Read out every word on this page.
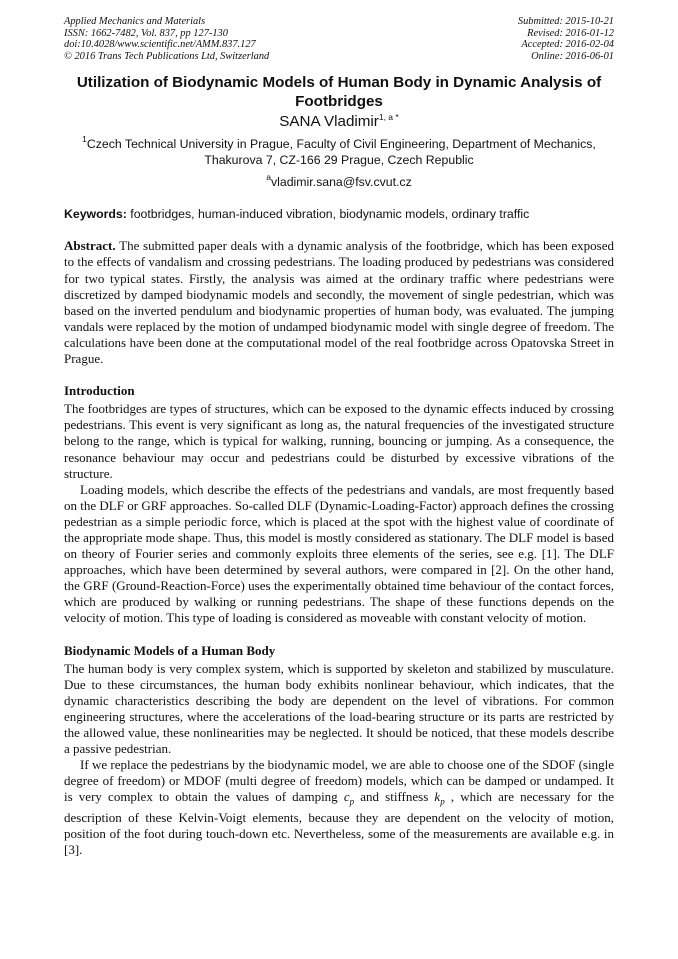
Applied Mechanics and Materials
ISSN: 1662-7482, Vol. 837, pp 127-130
doi:10.4028/www.scientific.net/AMM.837.127
© 2016 Trans Tech Publications Ltd, Switzerland
Submitted: 2015-10-21
Revised: 2016-01-12
Accepted: 2016-02-04
Online: 2016-06-01
Utilization of Biodynamic Models of Human Body in Dynamic Analysis of Footbridges
SANA Vladimir$^{1, a *}$
$^1$Czech Technical University in Prague, Faculty of Civil Engineering, Department of Mechanics, Thakurova 7, CZ-166 29 Prague, Czech Republic
$^a$vladimir.sana@fsv.cvut.cz
Keywords: footbridges, human-induced vibration, biodynamic models, ordinary traffic

Abstract. The submitted paper deals with a dynamic analysis of the footbridge, which has been exposed to the effects of vandalism and crossing pedestrians. The loading produced by pedestrians was considered for two typical states. Firstly, the analysis was aimed at the ordinary traffic where pedestrians were discretized by damped biodynamic models and secondly, the movement of single pedestrian, which was based on the inverted pendulum and biodynamic properties of human body, was evaluated. The jumping vandals were replaced by the motion of undamped biodynamic model with single degree of freedom. The calculations have been done at the computational model of the real footbridge across Opatovska Street in Prague.

Introduction

The footbridges are types of structures, which can be exposed to the dynamic effects induced by crossing pedestrians. This event is very significant as long as, the natural frequencies of the investigated structure belong to the range, which is typical for walking, running, bouncing or jumping. As a consequence, the resonance behaviour may occur and pedestrians could be disturbed by excessive vibrations of the structure.

Loading models, which describe the effects of the pedestrians and vandals, are most frequently based on the DLF or GRF approaches. So-called DLF (Dynamic-Loading-Factor) approach defines the crossing pedestrian as a simple periodic force, which is placed at the spot with the highest value of coordinate of the appropriate mode shape. Thus, this model is mostly considered as stationary. The DLF model is based on theory of Fourier series and commonly exploits three elements of the series, see e.g. [1]. The DLF approaches, which have been determined by several authors, were compared in [2]. On the other hand, the GRF (Ground-Reaction-Force) uses the experimentally obtained time behaviour of the contact forces, which are produced by walking or running pedestrians. The shape of these functions depends on the velocity of motion. This type of loading is considered as moveable with constant velocity of motion.

Biodynamic Models of a Human Body

The human body is very complex system, which is supported by skeleton and stabilized by musculature. Due to these circumstances, the human body exhibits nonlinear behaviour, which indicates, that the dynamic characteristics describing the body are dependent on the level of vibrations. For common engineering structures, where the accelerations of the load-bearing structure or its parts are restricted by the allowed value, these nonlinearities may be neglected. It should be noticed, that these models describe a passive pedestrian.

If we replace the pedestrians by the biodynamic model, we are able to choose one of the SDOF (single degree of freedom) or MDOF (multi degree of freedom) models, which can be damped or undamped. It is very complex to obtain the values of damping $c_p$ and stiffness $k_p$ , which are necessary for the description of these Kelvin-Voigt elements, because they are dependent on the velocity of motion, position of the foot during touch-down etc. Nevertheless, some of the measurements are available e.g. in [3].
